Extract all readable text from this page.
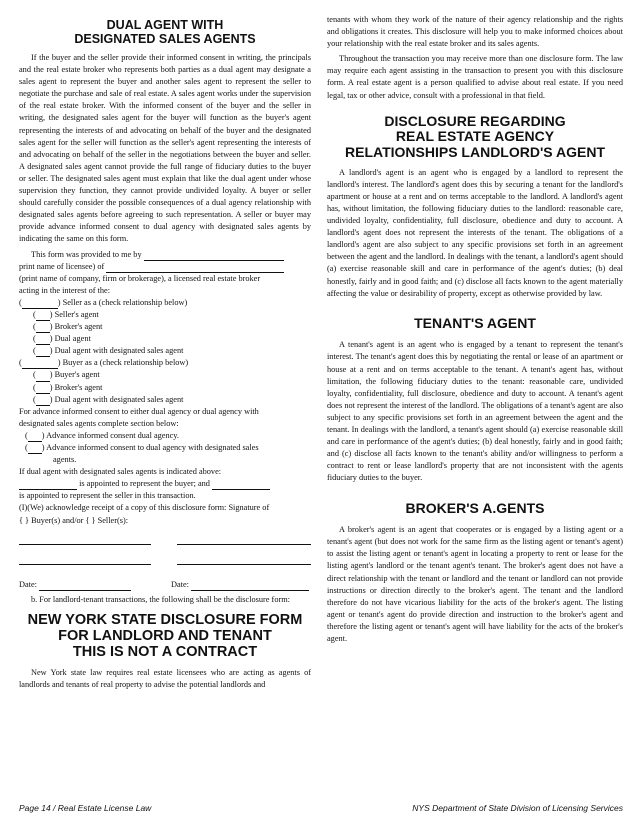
DUAL AGENT WITH
DESIGNATED SALES AGENTS

If the buyer and the seller provide their informed consent in writing, the principals and the real estate broker who represents both parties as a dual agent may designate a sales agent to represent the buyer and another sales agent to represent the seller to negotiate the purchase and sale of real estate. A sales agent works under the supervision of the real estate broker. With the informed consent of the buyer and the seller in writing, the designated sales agent for the buyer will function as the buyer's agent representing the interests of and advocating on behalf of the buyer and the designated sales agent for the seller will function as the seller's agent representing the interests of and advocating on behalf of the seller in the negotiations between the buyer and seller. A designated sales agent cannot provide the full range of fiduciary duties to the buyer or seller. The designated sales agent must explain that like the dual agent under whose supervision they function, they cannot provide undivided loyalty. A buyer or seller should carefully consider the possible consequences of a dual agency relationship with designated sales agents before agreeing to such representation. A seller or buyer may provide advance informed consent to dual agency with designated sales agents by indicating the same on this form.

This form was provided to me by
print name of licensee) of
(print name of company, firm or brokerage), a licensed real estate broker
acting in the interest of the:
(	) Seller as a (check relationship below)
( ) Seller's agent
( ) Broker's agent
( ) Dual agent
( ) Dual agent with designated sales agent
(	) Buyer as a (check relationship below)
( ) Buyer's agent
( ) Broker's agent
( ) Dual agent with designated sales agent
For advance informed consent to either dual agency or dual agency with
designated sales agents complete section below:
( ) Advance informed consent dual agency.
( ) Advance informed consent to dual agency with designated sales
agents.
If dual agent with designated sales agents is indicated above:
is appointed to represent the buyer; and
is appointed to represent the seller in this transaction.
(I)(We) acknowledge receipt of a copy of this disclosure form: Signature of
{ } Buyer(s) and/or { } Seller(s):
Date:	Date:

b. For landlord-tenant transactions, the following shall be the disclosure form:

NEW YORK STATE DISCLOSURE FORM
FOR LANDLORD AND TENANT
THIS IS NOT A CONTRACT

New York state law requires real estate licensees who are acting as agents of landlords and tenants of real property to advise the potential landlords and

tenants with whom they work of the nature of their agency relationship and the rights and obligations it creates. This disclosure will help you to make informed choices about your relationship with the real estate broker and its sales agents.

Throughout the transaction you may receive more than one disclosure form. The law may require each agent assisting in the transaction to present you with this disclosure form. A real estate agent is a person qualified to advise about real estate. If you need legal, tax or other advice, consult with a professional in that field.

DISCLOSURE REGARDING
REAL ESTATE AGENCY
RELATIONSHIPS LANDLORD'S AGENT

A landlord's agent is an agent who is engaged by a landlord to represent the landlord's interest. The landlord's agent does this by securing a tenant for the landlord's apartment or house at a rent and on terms acceptable to the landlord. A landlord's agent has, without limitation, the following fiduciary duties to the landlord: reasonable care, undivided loyalty, confidentiality, full disclosure, obedience and duty to account. A landlord's agent does not represent the interests of the tenant. The obligations of a landlord's agent are also subject to any specific provisions set forth in an agreement between the agent and the landlord. In dealings with the tenant, a landlord's agent should (a) exercise reasonable skill and care in performance of the agent's duties; (b) deal honestly, fairly and in good faith; and (c) disclose all facts known to the agent materially affecting the value or desirability of property, except as otherwise provided by law.

TENANT'S AGENT

A tenant's agent is an agent who is engaged by a tenant to represent the tenant's interest. The tenant's agent does this by negotiating the rental or lease of an apartment or house at a rent and on terms acceptable to the tenant. A tenant's agent has, without limitation, the following fiduciary duties to the tenant: reasonable care, undivided loyalty, confidentiality, full disclosure, obedience and duty to account. A tenant's agent does not represent the interest of the landlord. The obligations of a tenant's agent are also subject to any specific provisions set forth in an agreement between the agent and the tenant. In dealings with the landlord, a tenant's agent should (a) exercise reasonable skill and care in performance of the agent's duties; (b) deal honestly, fairly and in good faith; and (c) disclose all facts known to the tenant's ability and/or willingness to perform a contract to rent or lease landlord's property that are not inconsistent with the agents fiduciary duties to the buyer.

BROKER'S A.GENTS

A broker's agent is an agent that cooperates or is engaged by a listing agent or a tenant's agent (but does not work for the same firm as the listing agent or tenant's agent) to assist the listing agent or tenant's agent in locating a property to rent or lease for the listing agent's landlord or the tenant agent's tenant. The broker's agent does not have a direct relationship with the tenant or landlord and the tenant or landlord can not provide instructions or direction directly to the broker's agent. The tenant and the landlord therefore do not have vicarious liability for the acts of the broker's agent. The listing agent or tenant's agent do provide direction and instruction to the broker's agent and therefore the listing agent or tenant's agent will have liability for the acts of the broker's agent.

Page 14 / Real Estate License Law	NYS Department of State Division of Licensing Services
